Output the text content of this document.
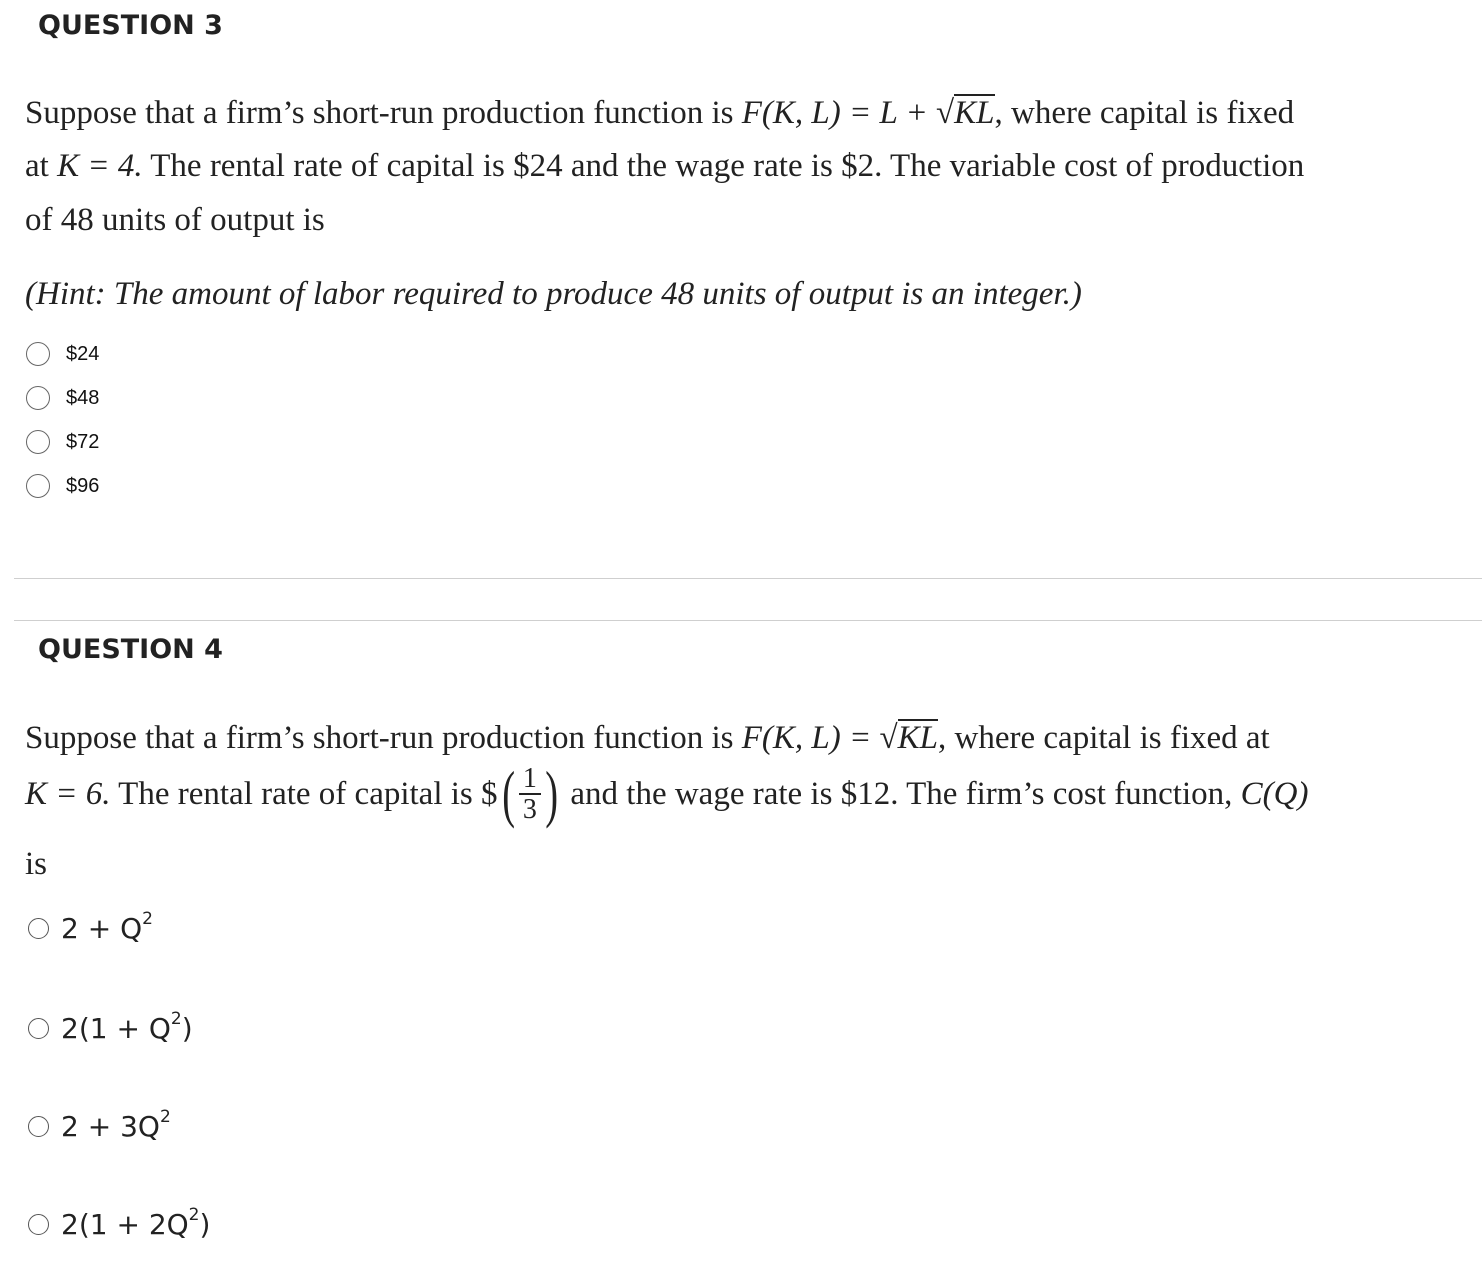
QUESTION 3
Suppose that a firm’s short-run production function is F(K, L) = L + √KL, where capital is fixed
at K = 4. The rental rate of capital is $24 and the wage rate is $2. The variable cost of production
of 48 units of output is
(Hint: The amount of labor required to produce 48 units of output is an integer.)
$24
$48
$72
$96
QUESTION 4
Suppose that a firm’s short-run production function is F(K, L) = √KL, where capital is fixed at
K = 6. The rental rate of capital is $ ( $\frac{1}{3}$ ) and the wage rate is $12. The firm’s cost function, C(Q)
is
$2 + Q^2$
$2(1 + Q^2)$
$2 + 3Q^2$
$2(1 + 2Q^2)$
